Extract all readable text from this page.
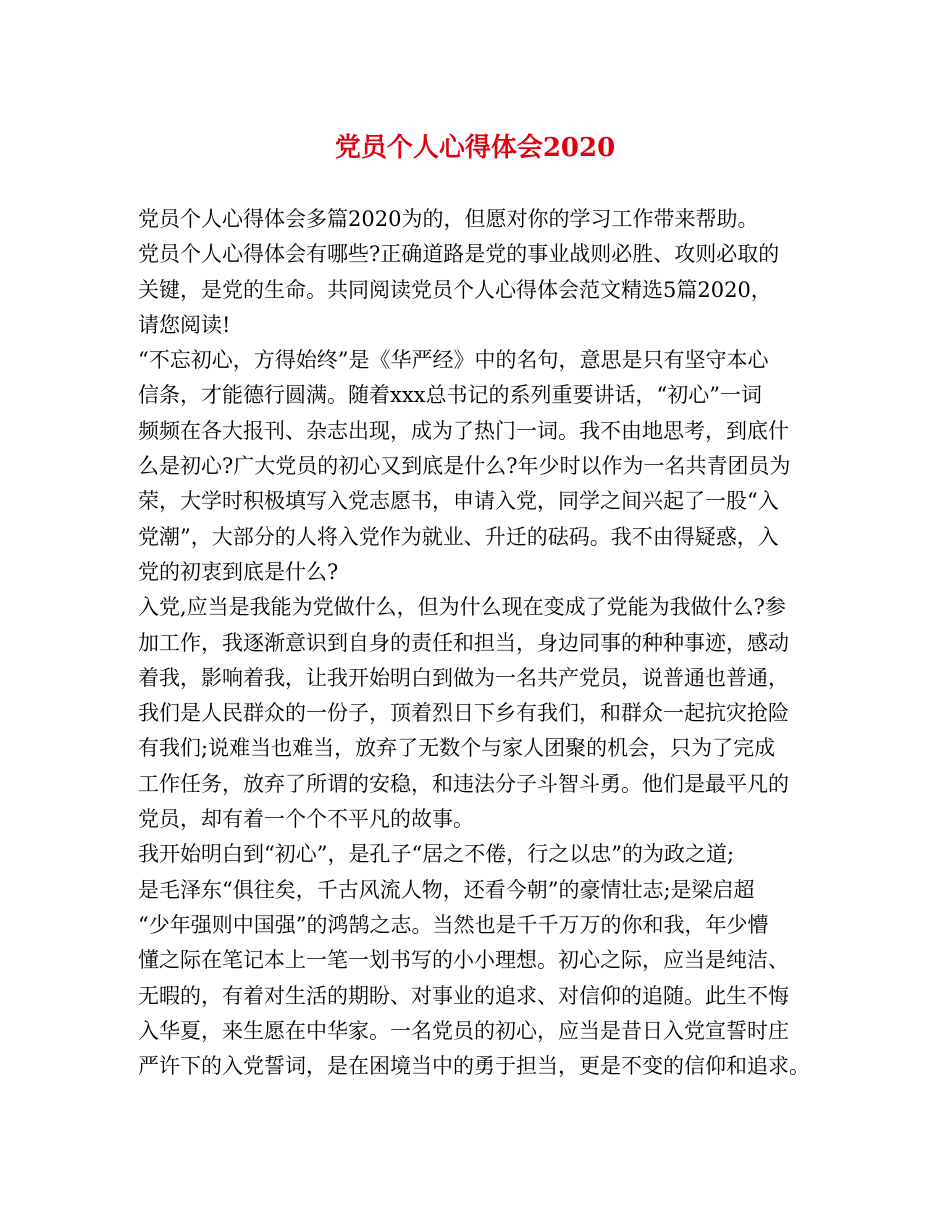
党员个人心得体会2020
党员个人心得体会多篇2020为的，但愿对你的学习工作带来帮助。
党员个人心得体会有哪些?正确道路是党的事业战则必胜、攻则必取的
关键，是党的生命。共同阅读党员个人心得体会范文精选5篇2020，
请您阅读!
“不忘初心，方得始终”是《华严经》中的名句，意思是只有坚守本心
信条，才能德行圆满。随着xxx总书记的系列重要讲话，“初心”一词
频频在各大报刊、杂志出现，成为了热门一词。我不由地思考，到底什
么是初心?广大党员的初心又到底是什么?年少时以作为一名共青团员为
荣，大学时积极填写入党志愿书，申请入党，同学之间兴起了一股“入
党潮”，大部分的人将入党作为就业、升迁的砝码。我不由得疑惑，入
党的初衷到底是什么?
入党,应当是我能为党做什么，但为什么现在变成了党能为我做什么?参
加工作，我逐渐意识到自身的责任和担当，身边同事的种种事迹，感动
着我，影响着我，让我开始明白到做为一名共产党员，说普通也普通，
我们是人民群众的一份子，顶着烈日下乡有我们，和群众一起抗灾抢险
有我们;说难当也难当，放弃了无数个与家人团聚的机会，只为了完成
工作任务，放弃了所谓的安稳，和违法分子斗智斗勇。他们是最平凡的
党员，却有着一个个不平凡的故事。
我开始明白到“初心”，是孔子“居之不倦，行之以忠”的为政之道;
是毛泽东“俱往矣，千古风流人物，还看今朝”的豪情壮志;是梁启超
“少年强则中国强”的鸿鹄之志。当然也是千千万万的你和我，年少懵
懂之际在笔记本上一笔一划书写的小小理想。初心之际，应当是纯洁、
无暇的，有着对生活的期盼、对事业的追求、对信仰的追随。此生不悔
入华夏，来生愿在中华家。一名党员的初心，应当是昔日入党宣誓时庄
严许下的入党誓词，是在困境当中的勇于担当，更是不变的信仰和追求。
